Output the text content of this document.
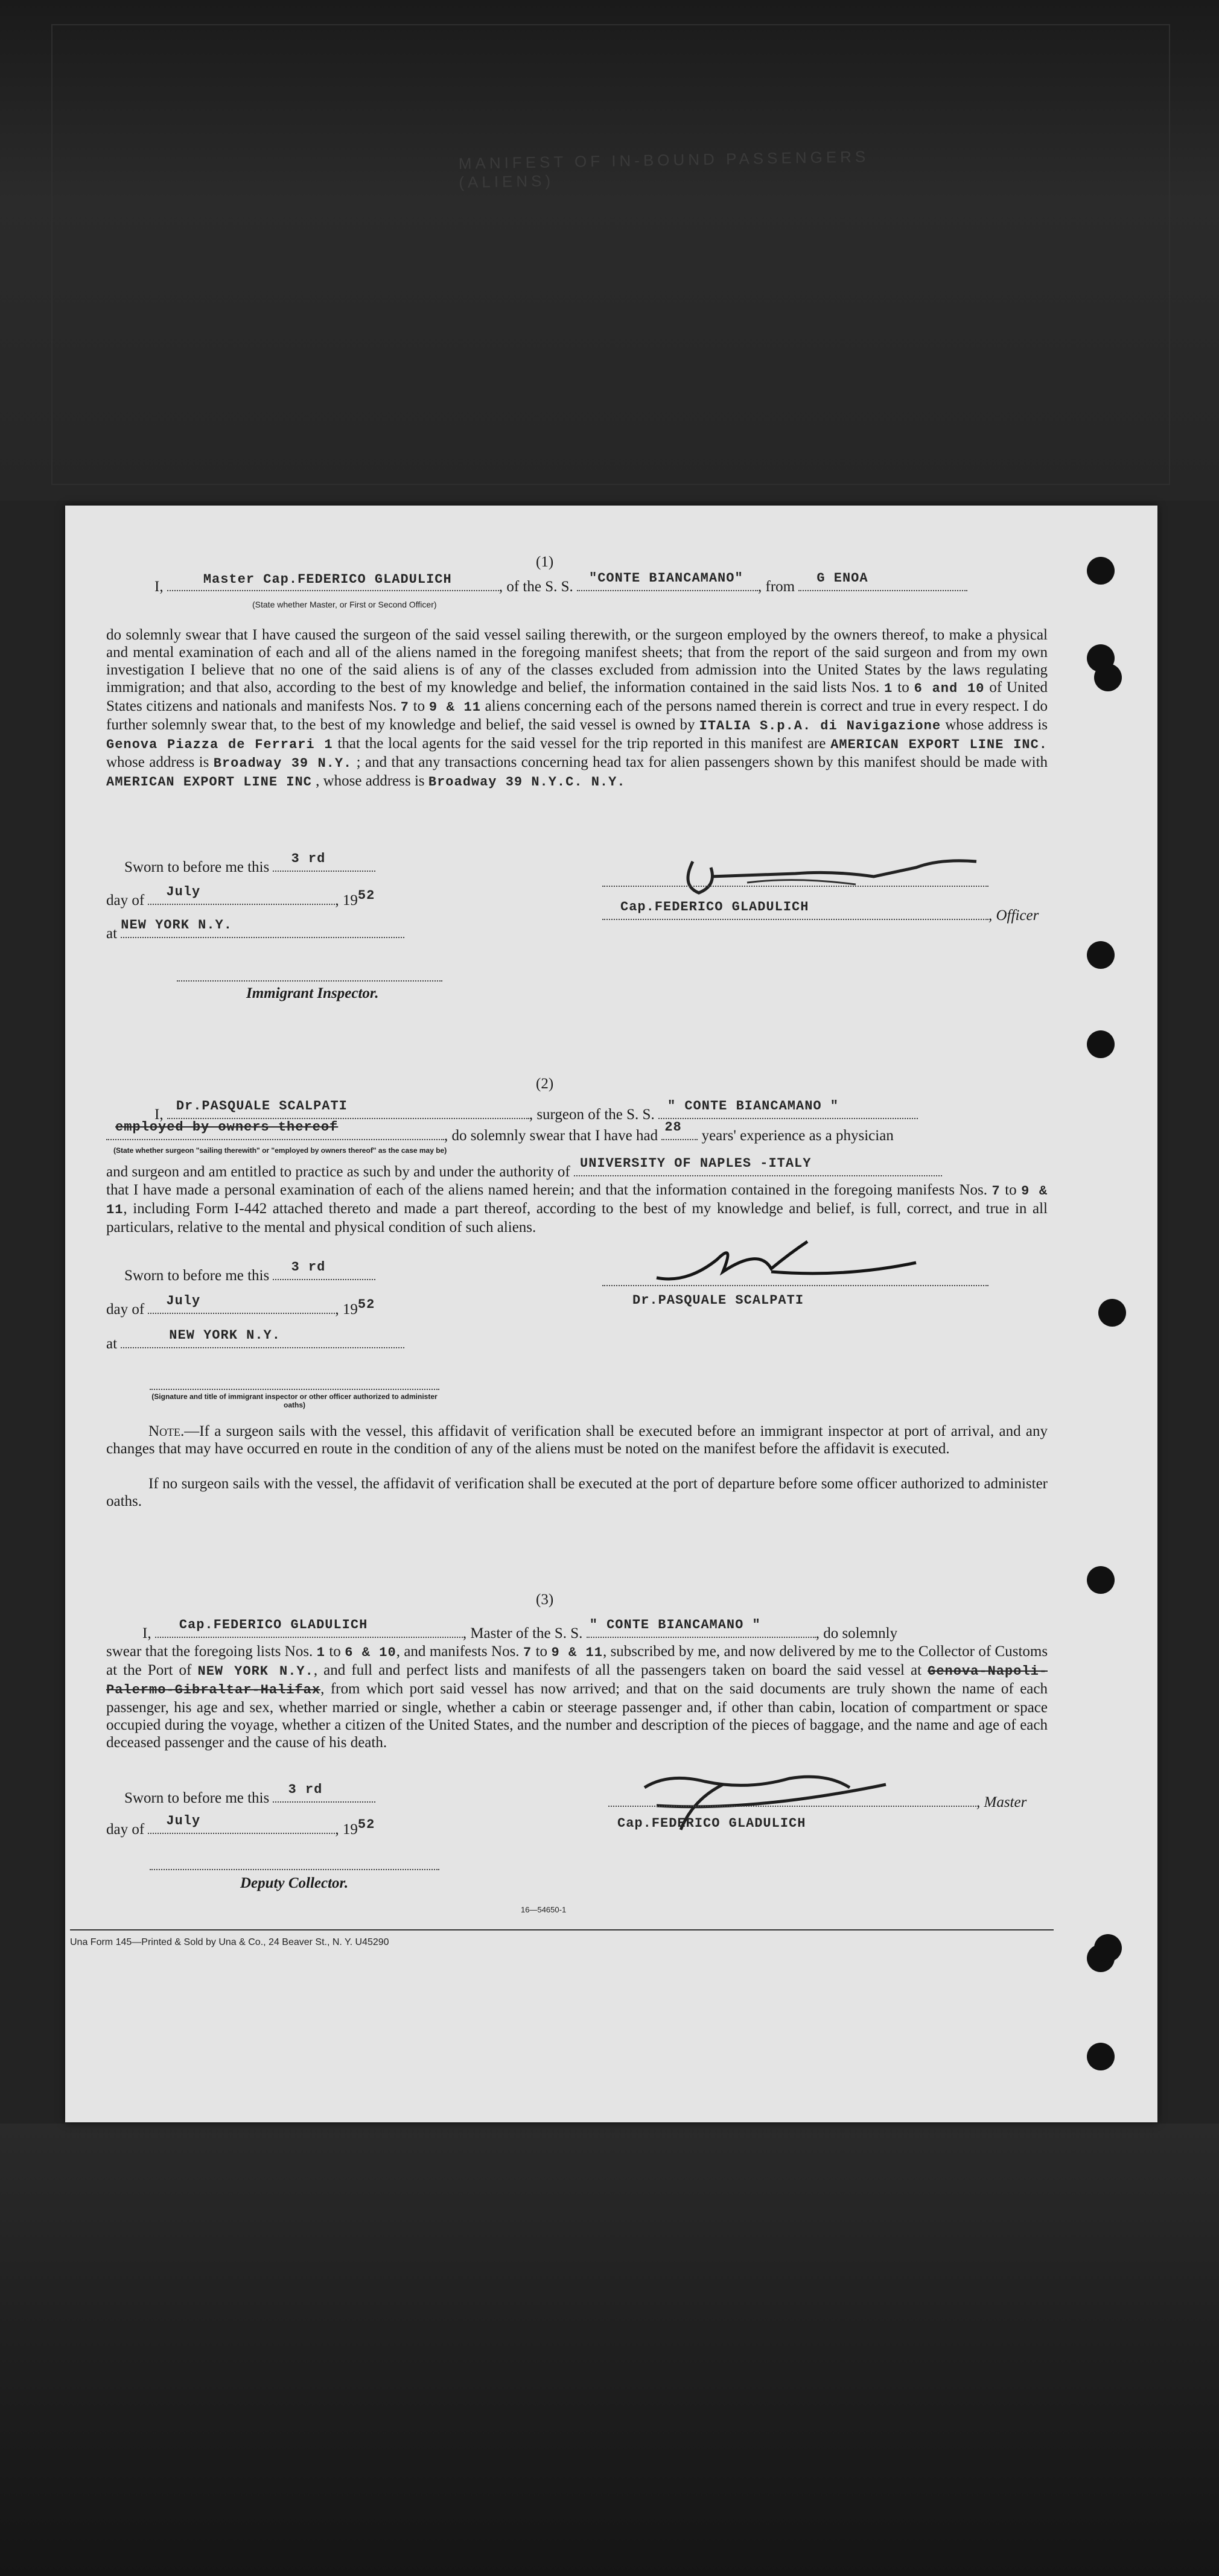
MANIFEST OF IN-BOUND PASSENGERS (ALIENS)
(1)
I,	Master Cap.FEDERICO GLADULICH	, of the S. S.
"CONTE BIANCAMANO"
, from
G ENOA
(State whether Master, or First or Second Officer)
do solemnly swear that I have caused the surgeon of the said vessel sailing therewith, or the surgeon employed by the owners thereof, to make a physical and mental examination of each and all of the aliens named in the foregoing manifest sheets; that from the report of the said surgeon and from my own investigation I believe that no one of the said aliens is of any of the classes excluded from admission into the United States by the laws regulating immigration; and that also, according to the best of my knowledge and belief, the information contained in the said lists Nos. 1 to 6 and 10 of United States citizens and nationals and manifests Nos. 7 to 9 & 11 aliens concerning each of the persons named therein is correct and true in every respect. I do further solemnly swear that, to the best of my knowledge and belief, the said vessel is owned by ITALIA S.p.A. di Navigazione whose address is Genova Piazza de Ferrari 1 that the local agents for the said vessel for the trip reported in this manifest are AMERICAN EXPORT LINE INC. whose address is Broadway 39 N.Y. ; and that any transactions concerning head tax for alien passengers shown by this manifest should be made with AMERICAN EXPORT LINE INC , whose address is Broadway 39 N.Y.C. N.Y.
Sworn to before me this
3 rd
day of
July
, 1952
at
NEW YORK N.Y.
Immigrant Inspector.
Cap.FEDERICO GLADULICH
, Officer
(2)
I,
Dr.PASQUALE SCALPATI
, surgeon of the S. S.
" CONTE BIANCAMANO "
employed by owners thereof
, do solemnly swear that I have had
28
years' experience as a physician
(State whether surgeon "sailing therewith" or "employed by owners thereof" as the case may be)
and surgeon and am entitled to practice as such by and under the authority of
UNIVERSITY OF NAPLES -ITALY
that I have made a personal examination of each of the aliens named herein; and that the information contained in the foregoing manifests Nos. 7 to 9 & 11, including Form I-442 attached thereto and made a part thereof, according to the best of my knowledge and belief, is full, correct, and true in all particulars, relative to the mental and physical condition of such aliens.
Sworn to before me this
3 rd
day of
July
, 1952
at
NEW YORK N.Y.
(Signature and title of immigrant inspector or other officer authorized to administer oaths)
Dr.PASQUALE SCALPATI
Note.—If a surgeon sails with the vessel, this affidavit of verification shall be executed before an immigrant inspector at port of arrival, and any changes that may have occurred en route in the condition of any of the aliens must be noted on the manifest before the affidavit is executed.
If no surgeon sails with the vessel, the affidavit of verification shall be executed at the port of departure before some officer authorized to administer oaths.
(3)
I,
Cap.FEDERICO GLADULICH
, Master of the S. S.
" CONTE BIANCAMANO "
, do solemnly
swear that the foregoing lists Nos. 1 to 6 & 10, and manifests Nos. 7 to 9 & 11, subscribed by me, and now delivered by me to the Collector of Customs at the Port of NEW YORK N.Y., and full and perfect lists and manifests of all the passengers taken on board the said vessel at Genova-Napoli-Palermo-Gibraltar-Halifax, from which port said vessel has now arrived; and that on the said documents are truly shown the name of each passenger, his age and sex, whether married or single, whether a cabin or steerage passenger and, if other than cabin, location of compartment or space occupied during the voyage, whether a citizen of the United States, and the number and description of the pieces of baggage, and the name and age of each deceased passenger and the cause of his death.
Sworn to before me this
3 rd
day of
July
, 1952
Deputy Collector.
, Master
Cap.FEDERICO GLADULICH
16—54650-1
Una Form 145—Printed & Sold by Una & Co., 24 Beaver St., N. Y. U45290
